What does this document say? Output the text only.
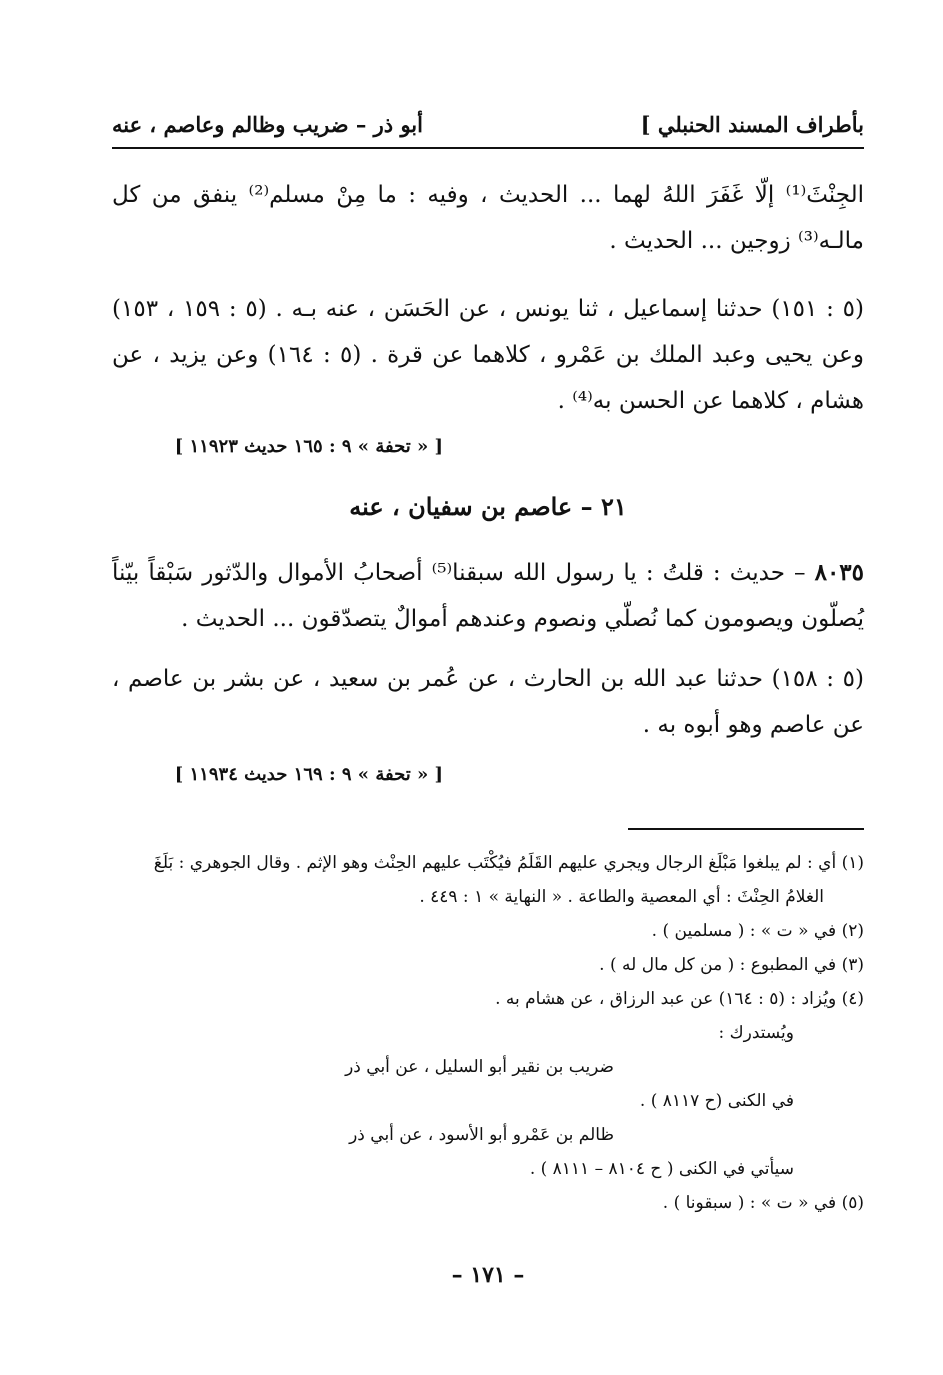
بأطراف المسند الحنبلي ]
أبو ذر – ضريب وظالم وعاصم ، عنه
الجِنْثَ⁽¹⁾ إلّا غَفَرَ اللهُ لهما ... الحديث ، وفيه : ما مِنْ مسلم⁽²⁾ ينفق من كل مالـه⁽³⁾ زوجين ... الحديث .
(٥ : ١٥١) حدثنا إسماعيل ، ثنا يونس ، عن الحَسَن ، عنه بـه . (٥ : ١٥٩ ، ١٥٣) وعن يحيى وعبد الملك بن عَمْرو ، كلاهما عن قرة . (٥ : ١٦٤) وعن يزيد ، عن هشام ، كلاهما عن الحسن به⁽⁴⁾ .
[ « تحفة » ٩ : ١٦٥ حديث ١١٩٢٣ ]
٢١ – عاصم بن سفيان ، عنه
٨٠٣٥ – حديث : قلتُ : يا رسول الله سبقنا⁽⁵⁾ أصحابُ الأموال والدّثور سَبْقاً بيّناً يُصلّون ويصومون كما نُصلّي ونصوم وعندهم أموالٌ يتصدّقون ... الحديث .
(٥ : ١٥٨) حدثنا عبد الله بن الحارث ، عن عُمر بن سعيد ، عن بشر بن عاصم ، عن عاصم وهو أبوه به .
[ « تحفة » ٩ : ١٦٩ حديث ١١٩٣٤ ]
(١) أي : لم يبلغوا مَبْلَغ الرجال ويجري عليهم القَلَمُ فيُكْتَب عليهم الحِنْث وهو الإثم . وقال الجوهري : بَلَغَ
الغلامُ الحِنْثَ : أي المعصية والطاعة . « النهاية » ١ : ٤٤٩ .
(٢) في « ت » : ( مسلمين ) .
(٣) في المطبوع : ( من كل مال له ) .
(٤) ويُزاد : (٥ : ١٦٤) عن عبد الرزاق ، عن هشام به .
ويُستدرك :
ضريب بن نقير أبو السليل ، عن أبي ذر
في الكنى (ح ٨١١٧ ) .
ظالم بن عَمْرو أبو الأسود ، عن أبي ذر
سيأتي في الكنى ( ح ٨١٠٤ – ٨١١١ ) .
(٥) في « ت » : ( سبقونا ) .
– ١٧١ –
